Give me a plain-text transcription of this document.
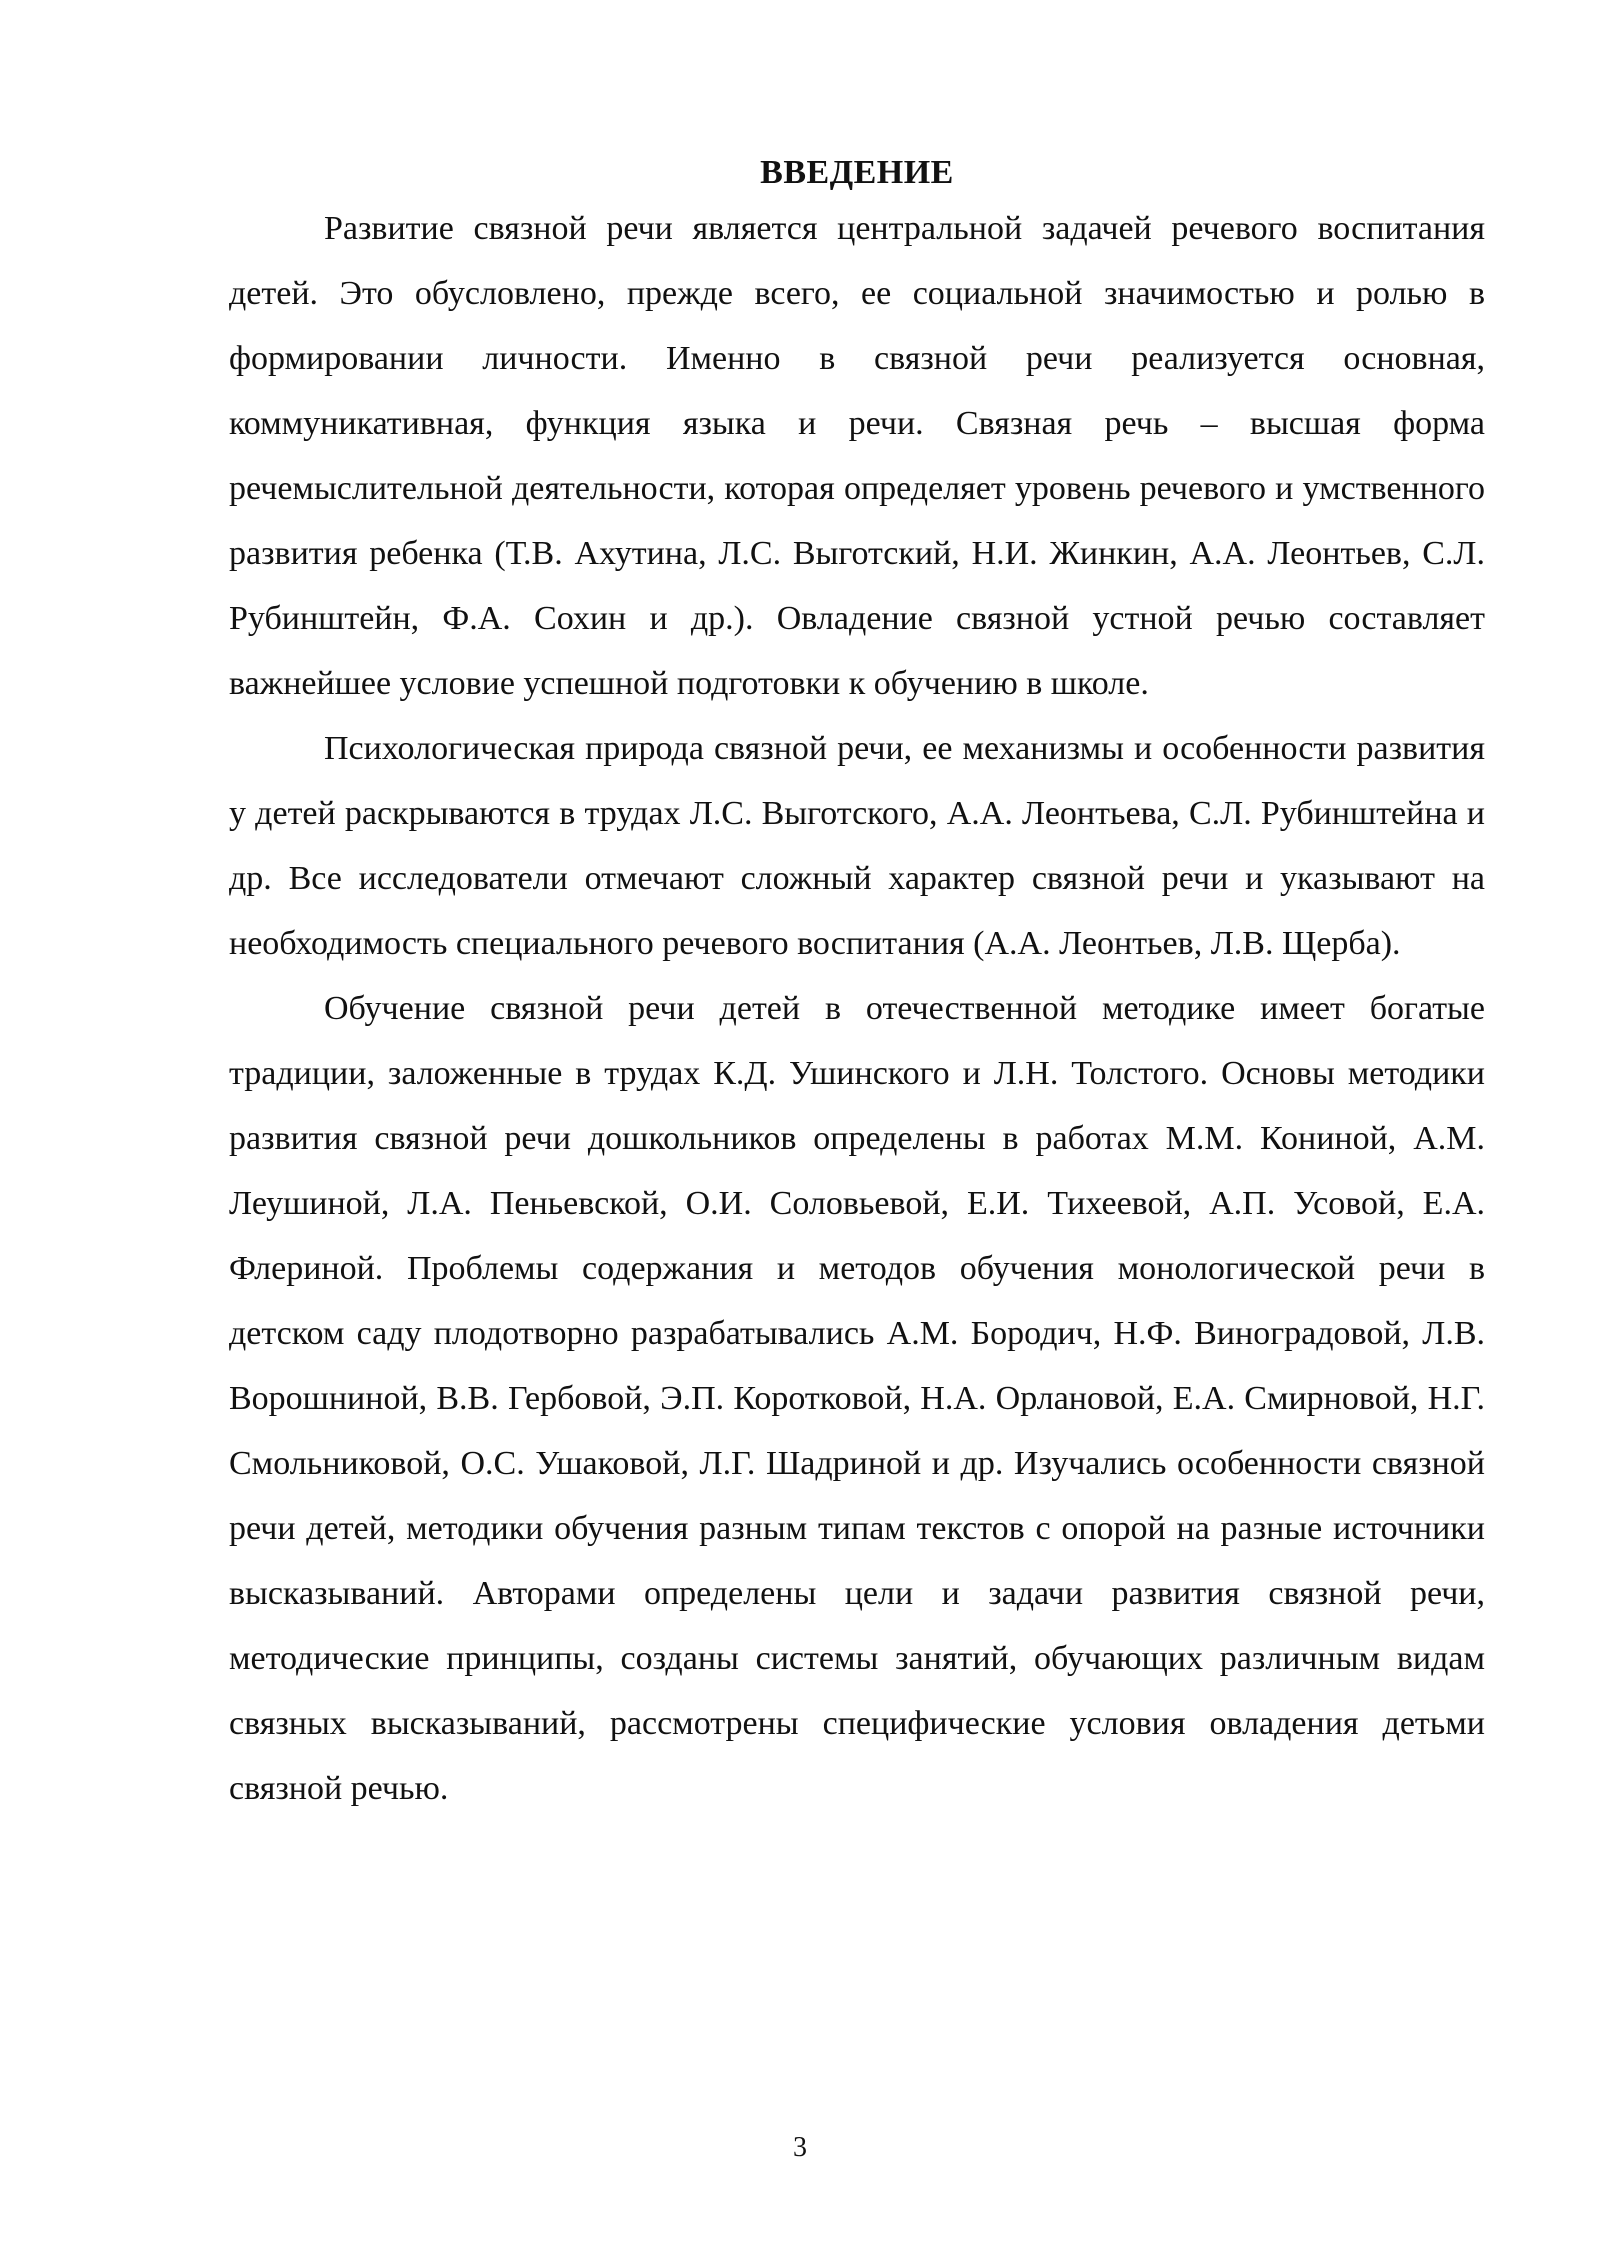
ВВЕДЕНИЕ

Развитие связной речи является центральной задачей речевого воспитания детей. Это обусловлено, прежде всего, ее социальной значимостью и ролью в формировании личности. Именно в связной речи реализуется основная, коммуникативная, функция языка и речи. Связная речь – высшая форма речемыслительной деятельности, которая определяет уровень речевого и умственного развития ребенка (Т.В. Ахутина, Л.С. Выготский, Н.И. Жинкин, А.А. Леонтьев, С.Л. Рубинштейн, Ф.А. Сохин и др.). Овладение связной устной речью составляет важнейшее условие успешной подготовки к обучению в школе.

Психологическая природа связной речи, ее механизмы и особенности развития у детей раскрываются в трудах Л.С. Выготского, А.А. Леонтьева, С.Л. Рубинштейна и др. Все исследователи отмечают сложный характер связной речи и указывают на необходимость специального речевого воспитания (А.А. Леонтьев, Л.В. Щерба).

Обучение связной речи детей в отечественной методике имеет богатые традиции, заложенные в трудах К.Д. Ушинского и Л.Н. Толстого. Основы методики развития связной речи дошкольников определены в работах М.М. Кониной, А.М. Леушиной, Л.А. Пеньевской, О.И. Соловьевой, Е.И. Тихеевой, А.П. Усовой, Е.А. Флериной. Проблемы содержания и методов обучения монологической речи в детском саду плодотворно разрабатывались А.М. Бородич, Н.Ф. Виноградовой, Л.В. Ворошниной, В.В. Гербовой, Э.П. Коротковой, Н.А. Орлановой, Е.А. Смирновой, Н.Г. Смольниковой, О.С. Ушаковой, Л.Г. Шадриной и др. Изучались особенности связной речи детей, методики обучения разным типам текстов с опорой на разные источники высказываний. Авторами определены цели и задачи развития связной речи, методические принципы, созданы системы занятий, обучающих различным видам связных высказываний, рассмотрены специфические условия овладения детьми связной речью.

3
